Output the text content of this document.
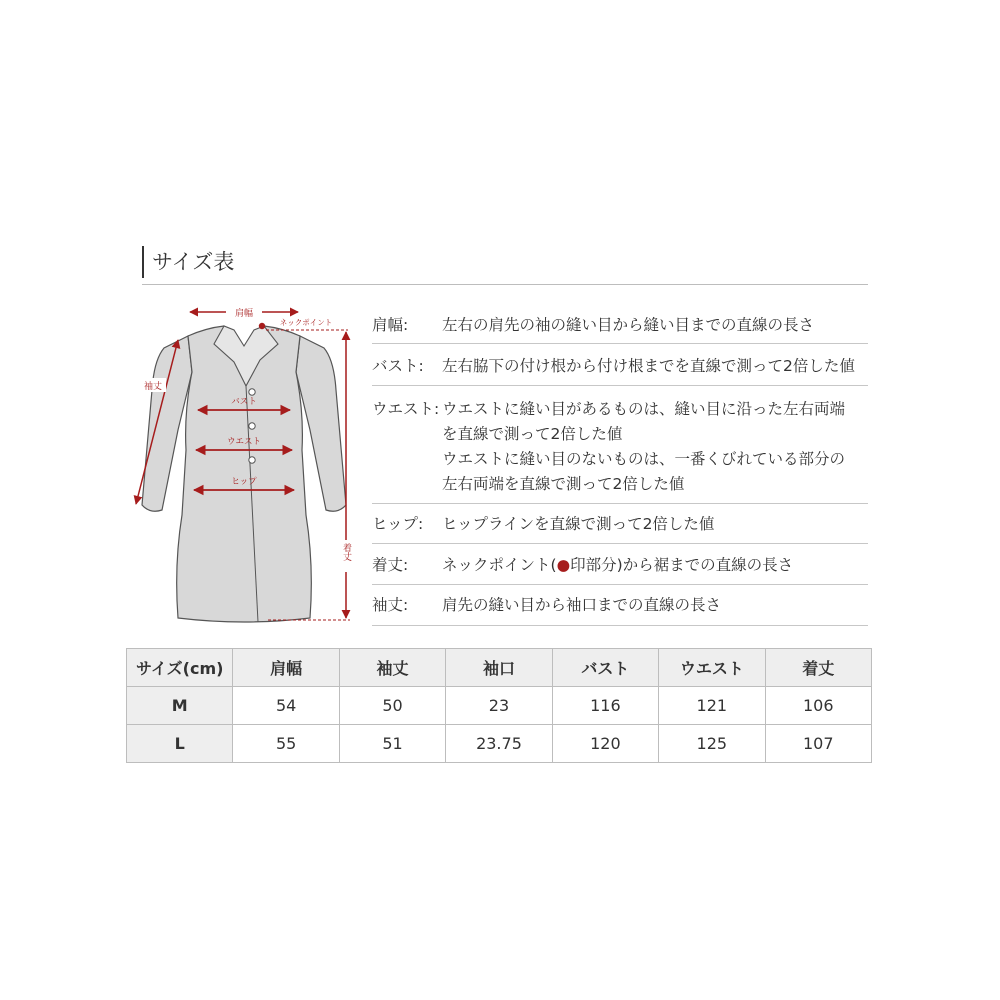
サイズ表
肩幅
ネックポイント
着丈
袖丈
バスト
ウエスト
ヒップ
肩幅: 左右の肩先の袖の縫い目から縫い目までの直線の長さ
バスト: 左右脇下の付け根から付け根までを直線で測って2倍した値
ウエスト: ウエストに縫い目があるものは、縫い目に沿った左右両端
を直線で測って2倍した値
ウエストに縫い目のないものは、一番くびれている部分の
左右両端を直線で測って2倍した値
ヒップ: ヒップラインを直線で測って2倍した値
着丈: ネックポイント(●印部分)から裾までの直線の長さ
袖丈: 肩先の縫い目から袖口までの直線の長さ
サイズ(cm)	肩幅	袖丈	袖口	バスト	ウエスト	着丈
M	54	50	23	116	121	106
L	55	51	23.75	120	125	107
